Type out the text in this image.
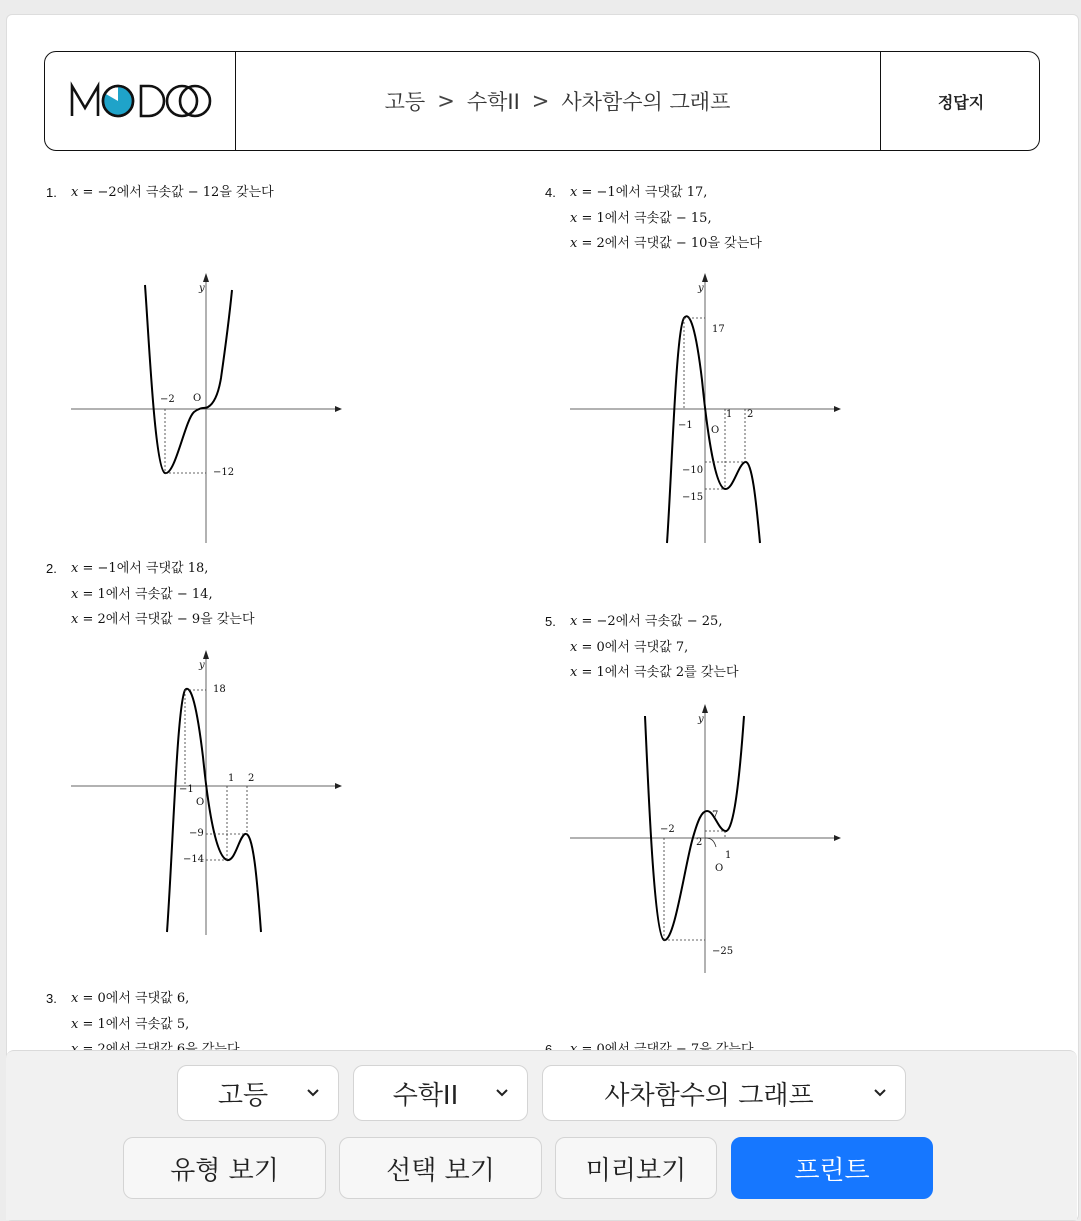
고등 > 수학II > 사차함수의 그래프	정답지
1. x = −2에서 극솟값 − 12을 갖는다
2. x = −1에서 극댓값 18,
x = 1에서 극솟값 − 14,
x = 2에서 극댓값 − 9을 갖는다
3. x = 0에서 극댓값 6,
x = 1에서 극솟값 5,
4. x = −1에서 극댓값 17,
x = 1에서 극솟값 − 15,
x = 2에서 극댓값 − 10을 갖는다
5. x = −2에서 극솟값 − 25,
x = 0에서 극댓값 7,
x = 1에서 극솟값 2를 갖는다
y
O
−2
−12
y
O
−1
1 2
18
−9
−14
y
O
−1
1 2
17
−10
−15
y
O
−2
1
7
2
−25
고등	수학II	사차함수의 그래프
유형 보기	선택 보기	미리보기	프린트
